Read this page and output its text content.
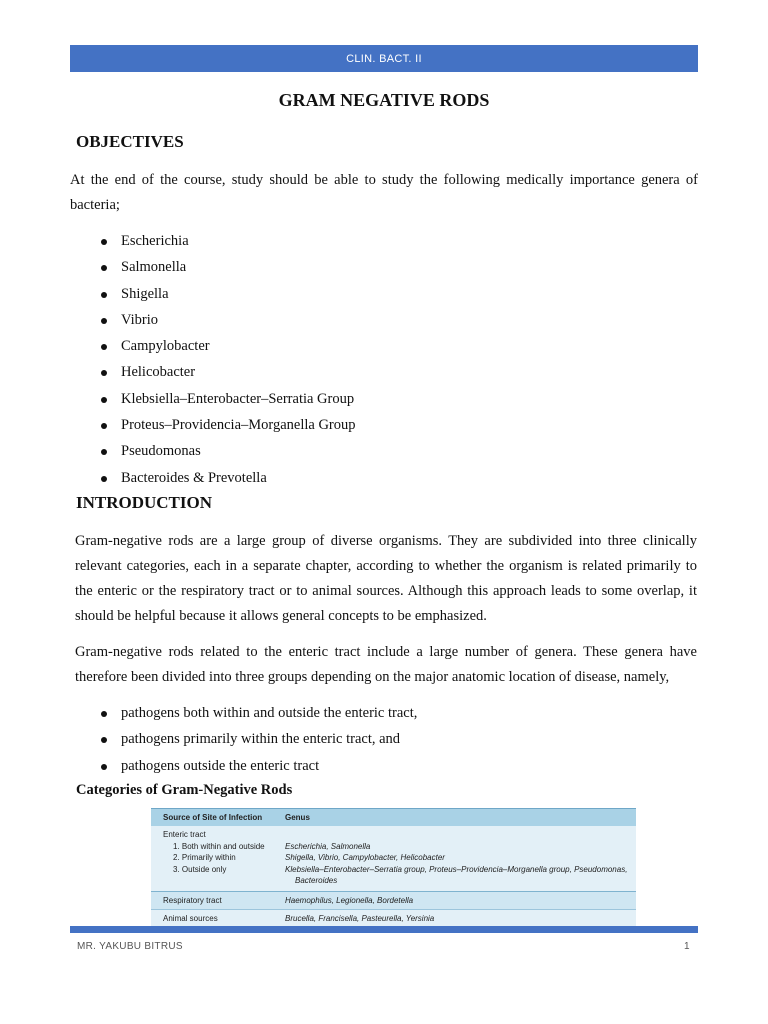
CLIN. BACT. II
GRAM NEGATIVE RODS
OBJECTIVES

At the end of the course, study should be able to study the following medically importance genera of bacteria;

Escherichia
Salmonella
Shigella
Vibrio
Campylobacter
Helicobacter
Klebsiella–Enterobacter–Serratia Group
Proteus–Providencia–Morganella Group
Pseudomonas
Bacteroides & Prevotella
INTRODUCTION

Gram-negative rods are a large group of diverse organisms. They are subdivided into three clinically relevant categories, each in a separate chapter, according to whether the organism is related primarily to the enteric or the respiratory tract or to animal sources. Although this approach leads to some overlap, it should be helpful because it allows general concepts to be emphasized.

Gram-negative rods related to the enteric tract include a large number of genera. These genera have therefore been divided into three groups depending on the major anatomic location of disease, namely,

pathogens both within and outside the enteric tract,
pathogens primarily within the enteric tract, and
pathogens outside the enteric tract

Categories of Gram-Negative Rods

Source of Site of Infection	Genus
Enteric tract
1. Both within and outside	Escherichia, Salmonella
2. Primarily within	Shigella, Vibrio, Campylobacter, Helicobacter
3. Outside only	Klebsiella–Enterobacter–Serratia group, Proteus–Providencia–Morganella group, Pseudomonas,
Bacteroides
Respiratory tract	Haemophilus, Legionella, Bordetella
Animal sources	Brucella, Francisella, Pasteurella, Yersinia
MR. YAKUBU BITRUS	1
